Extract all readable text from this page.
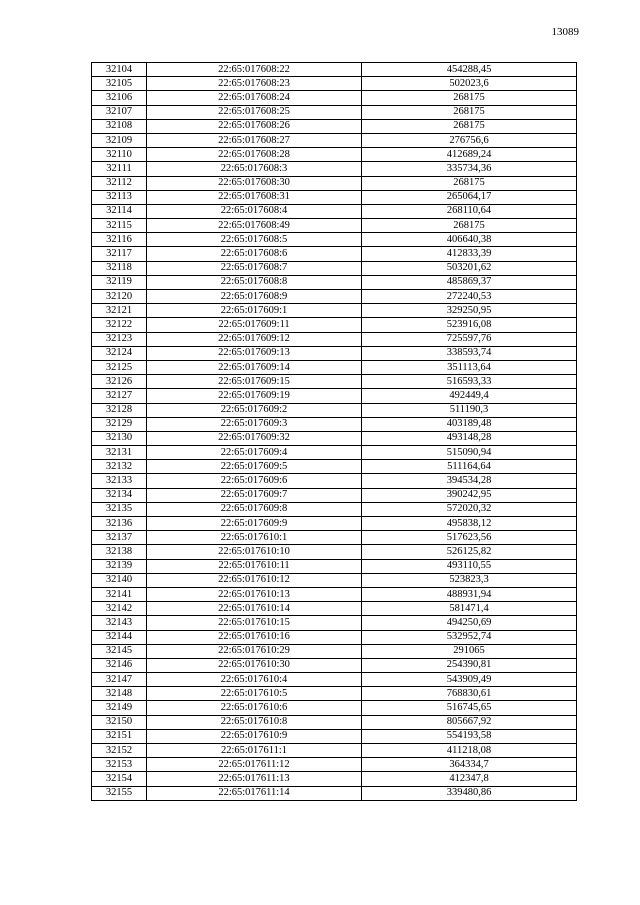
13089
32104	22:65:017608:22	454288,45
32105	22:65:017608:23	502023,6
32106	22:65:017608:24	268175
32107	22:65:017608:25	268175
32108	22:65:017608:26	268175
32109	22:65:017608:27	276756,6
32110	22:65:017608:28	412689,24
32111	22:65:017608:3	335734,36
32112	22:65:017608:30	268175
32113	22:65:017608:31	265064,17
32114	22:65:017608:4	268110,64
32115	22:65:017608:49	268175
32116	22:65:017608:5	406640,38
32117	22:65:017608:6	412833,39
32118	22:65:017608:7	503201,62
32119	22:65:017608:8	485869,37
32120	22:65:017608:9	272240,53
32121	22:65:017609:1	329250,95
32122	22:65:017609:11	523916,08
32123	22:65:017609:12	725597,76
32124	22:65:017609:13	338593,74
32125	22:65:017609:14	351113,64
32126	22:65:017609:15	516593,33
32127	22:65:017609:19	492449,4
32128	22:65:017609:2	511190,3
32129	22:65:017609:3	403189,48
32130	22:65:017609:32	493148,28
32131	22:65:017609:4	515090,94
32132	22:65:017609:5	511164,64
32133	22:65:017609:6	394534,28
32134	22:65:017609:7	390242,95
32135	22:65:017609:8	572020,32
32136	22:65:017609:9	495838,12
32137	22:65:017610:1	517623,56
32138	22:65:017610:10	526125,82
32139	22:65:017610:11	493110,55
32140	22:65:017610:12	523823,3
32141	22:65:017610:13	488931,94
32142	22:65:017610:14	581471,4
32143	22:65:017610:15	494250,69
32144	22:65:017610:16	532952,74
32145	22:65:017610:29	291065
32146	22:65:017610:30	254390,81
32147	22:65:017610:4	543909,49
32148	22:65:017610:5	768830,61
32149	22:65:017610:6	516745,65
32150	22:65:017610:8	805667,92
32151	22:65:017610:9	554193,58
32152	22:65:017611:1	411218,08
32153	22:65:017611:12	364334,7
32154	22:65:017611:13	412347,8
32155	22:65:017611:14	339480,86
